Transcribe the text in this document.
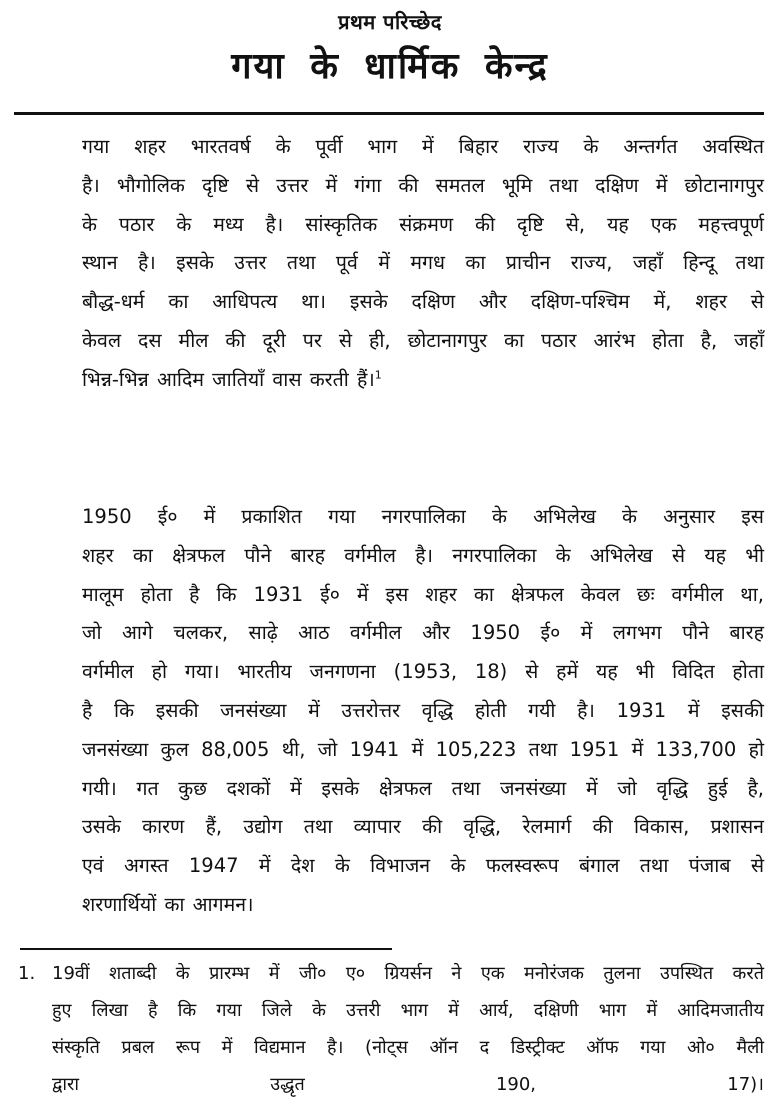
प्रथम परिच्छेद
गया के धार्मिक केन्द्र
गया शहर भारतवर्ष के पूर्वी भाग में बिहार राज्य के अन्तर्गत अवस्थित
है। भौगोलिक दृष्टि से उत्तर में गंगा की समतल भूमि तथा दक्षिण में छोटानागपुर
के पठार के मध्य है। सांस्कृतिक संक्रमण की दृष्टि से, यह एक महत्त्वपूर्ण
स्थान है। इसके उत्तर तथा पूर्व में मगध का प्राचीन राज्य, जहाँ हिन्दू तथा
बौद्ध-धर्म का आधिपत्य था। इसके दक्षिण और दक्षिण-पश्चिम में, शहर से
केवल दस मील की दूरी पर से ही, छोटानागपुर का पठार आरंभ होता है, जहाँ
भिन्न-भिन्न आदिम जातियाँ वास करती हैं।$^1$
1950 ई० में प्रकाशित गया नगरपालिका के अभिलेख के अनुसार इस
शहर का क्षेत्रफल पौने बारह वर्गमील है। नगरपालिका के अभिलेख से यह भी
मालूम होता है कि 1931 ई० में इस शहर का क्षेत्रफल केवल छः वर्गमील था,
जो आगे चलकर, साढ़े आठ वर्गमील और 1950 ई० में लगभग पौने बारह
वर्गमील हो गया। भारतीय जनगणना (1953, 18) से हमें यह भी विदित होता
है कि इसकी जनसंख्या में उत्तरोत्तर वृद्धि होती गयी है। 1931 में इसकी
जनसंख्या कुल 88,005 थी, जो 1941 में 105,223 तथा 1951 में 133,700 हो
गयी। गत कुछ दशकों में इसके क्षेत्रफल तथा जनसंख्या में जो वृद्धि हुई है,
उसके कारण हैं, उद्योग तथा व्यापार की वृद्धि, रेलमार्ग की विकास, प्रशासन
एवं अगस्त 1947 में देश के विभाजन के फलस्वरूप बंगाल तथा पंजाब से
शरणार्थियों का आगमन।
1. 19वीं शताब्दी के प्रारम्भ में जी० ए० ग्रियर्सन ने एक मनोरंजक तुलना उपस्थित करते
हुए लिखा है कि गया जिले के उत्तरी भाग में आर्य, दक्षिणी भाग में आदिमजातीय
संस्कृति प्रबल रूप में विद्यमान है। (नोट्स ऑन द डिस्ट्रीक्ट ऑफ गया ओ० मैली
द्वारा उद्धृत 190, 17)।
